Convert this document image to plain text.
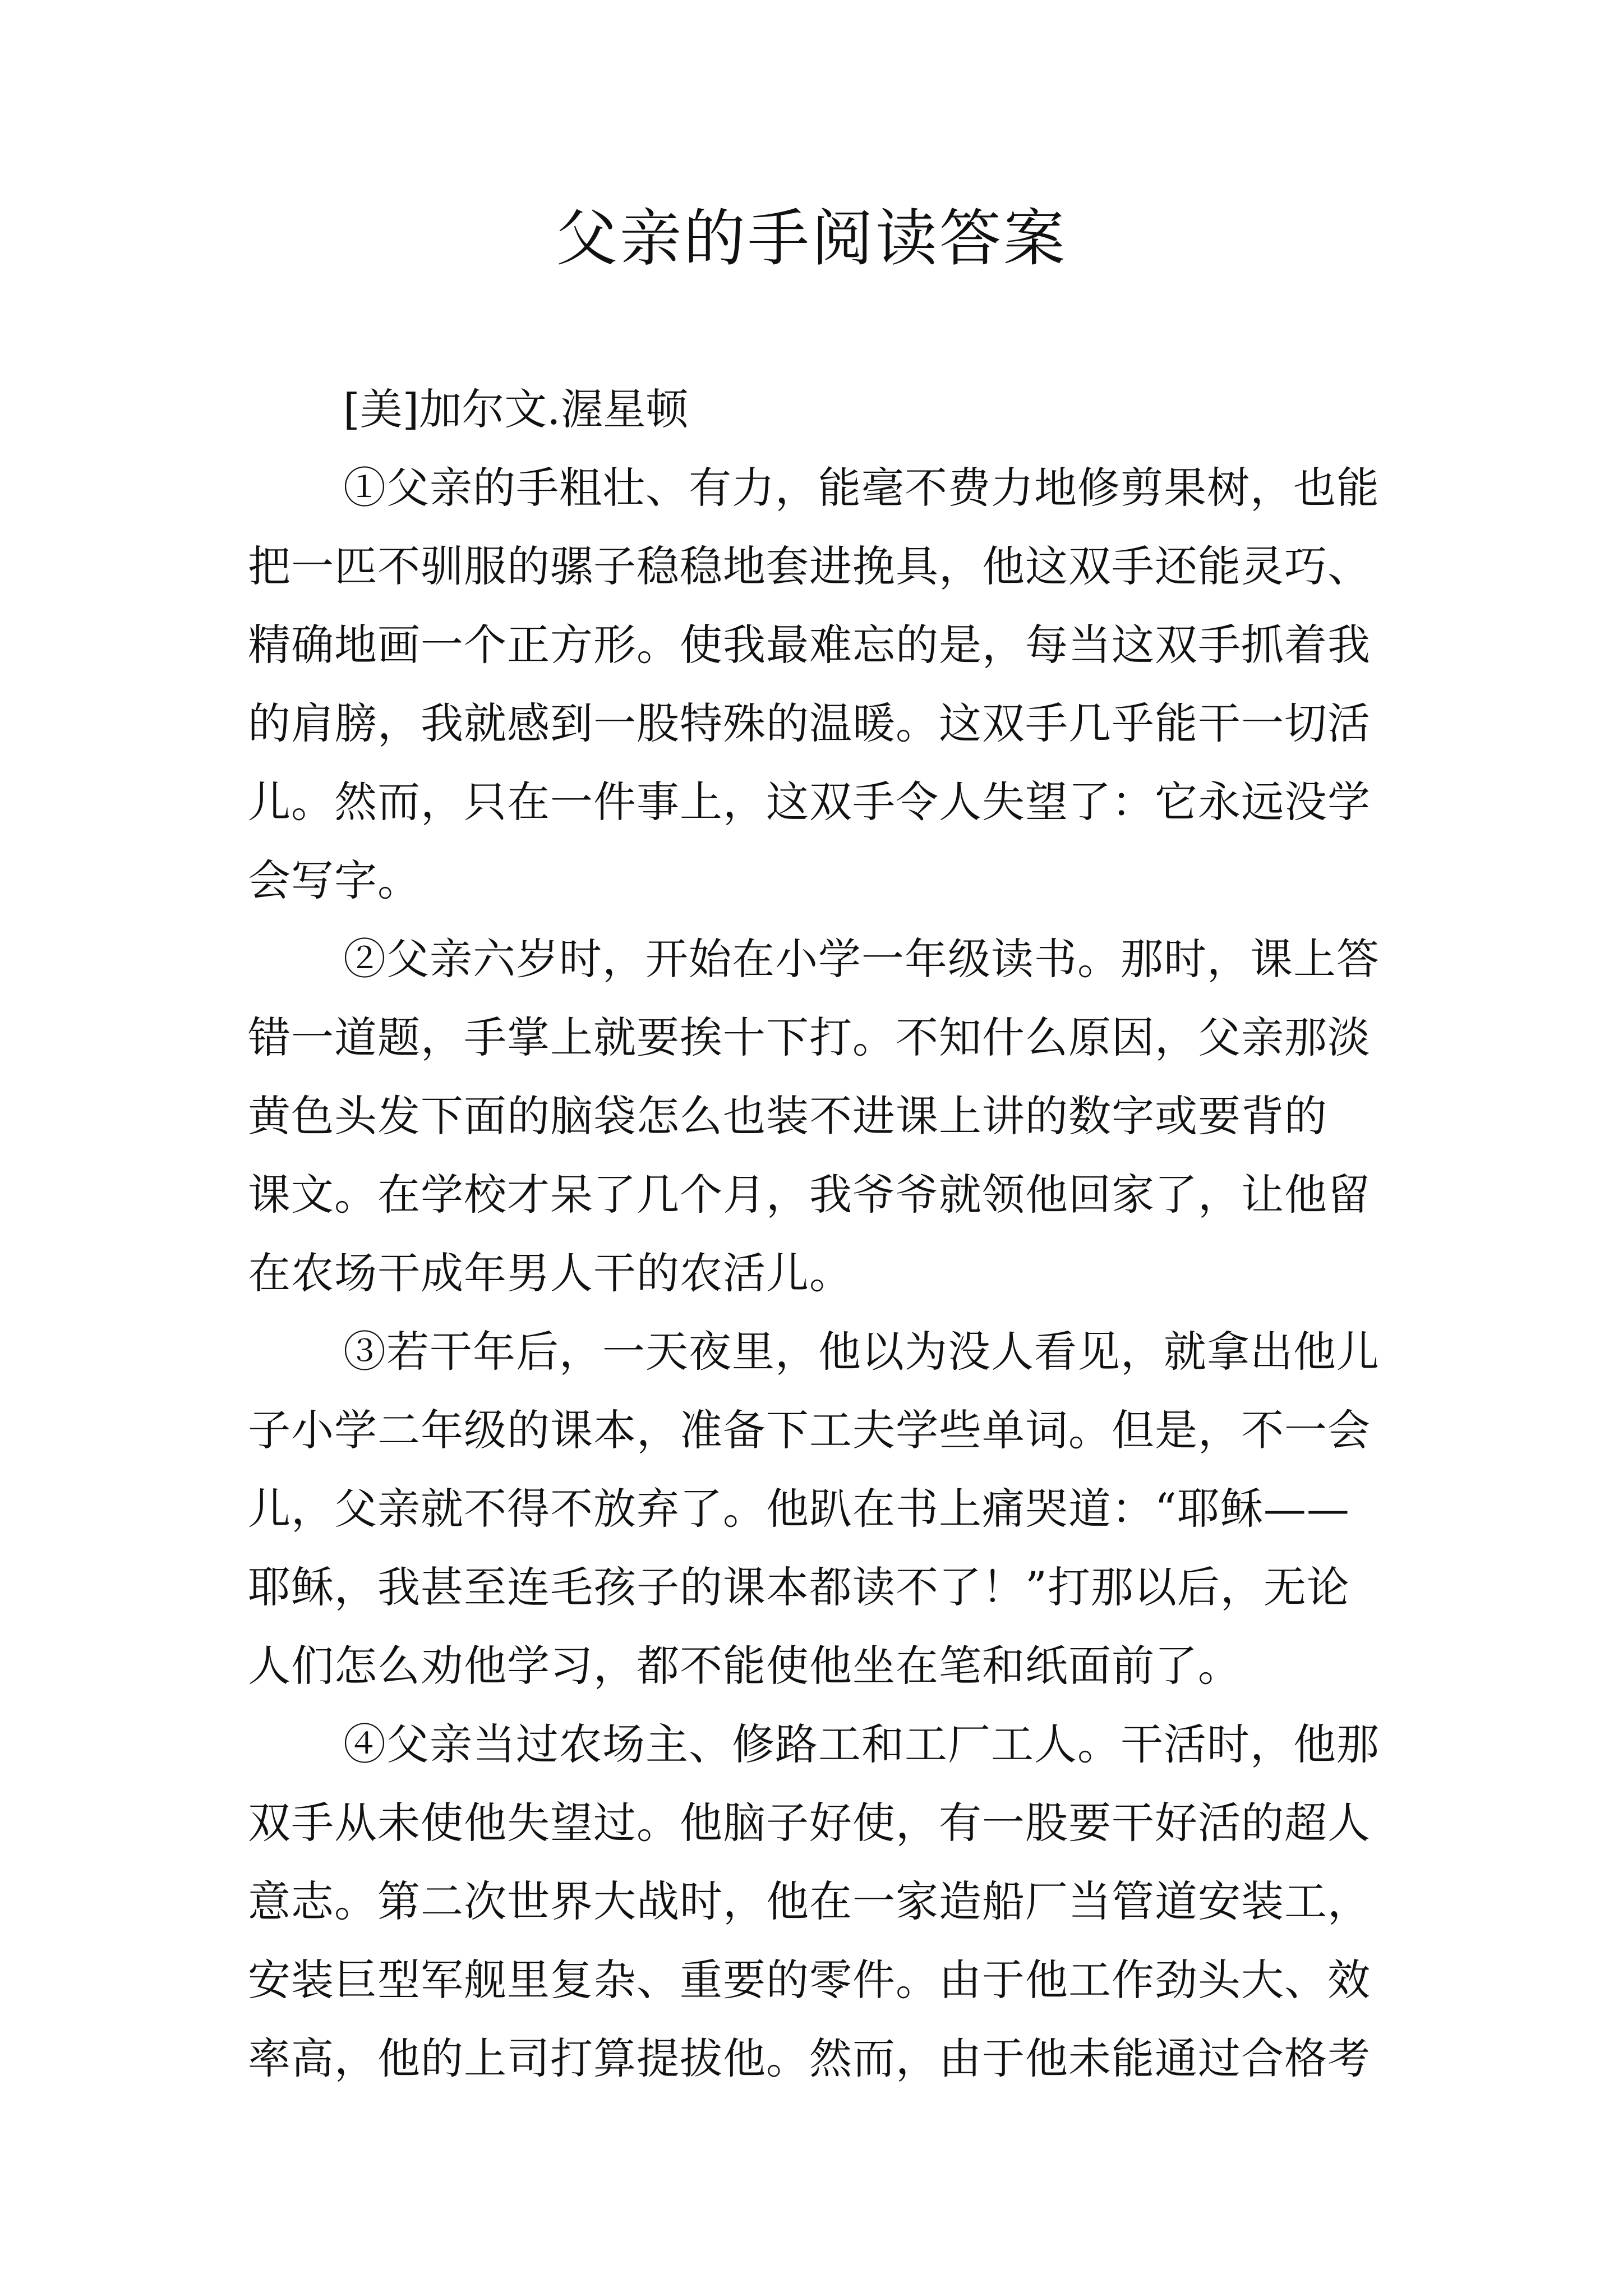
父亲的手阅读答案

[美]加尔文.渥星顿

①父亲的手粗壮、有力，能毫不费力地修剪果树，也能

把一匹不驯服的骡子稳稳地套进挽具，他这双手还能灵巧、

精确地画一个正方形。使我最难忘的是，每当这双手抓着我

的肩膀，我就感到一股特殊的温暖。这双手几乎能干一切活

儿。然而，只在一件事上，这双手令人失望了：它永远没学

会写字。

②父亲六岁时，开始在小学一年级读书。那时，课上答

错一道题，手掌上就要挨十下打。不知什么原因，父亲那淡

黄色头发下面的脑袋怎么也装不进课上讲的数字或要背的

课文。在学校才呆了几个月，我爷爷就领他回家了，让他留

在农场干成年男人干的农活儿。

③若干年后，一天夜里，他以为没人看见，就拿出他儿

子小学二年级的课本，准备下工夫学些单词。但是，不一会

儿，父亲就不得不放弃了。他趴在书上痛哭道：“耶稣——

耶稣，我甚至连毛孩子的课本都读不了！”打那以后，无论

人们怎么劝他学习，都不能使他坐在笔和纸面前了。

④父亲当过农场主、修路工和工厂工人。干活时，他那

双手从未使他失望过。他脑子好使，有一股要干好活的超人

意志。第二次世界大战时，他在一家造船厂当管道安装工，

安装巨型军舰里复杂、重要的零件。由于他工作劲头大、效

率高，他的上司打算提拔他。然而，由于他未能通过合格考
